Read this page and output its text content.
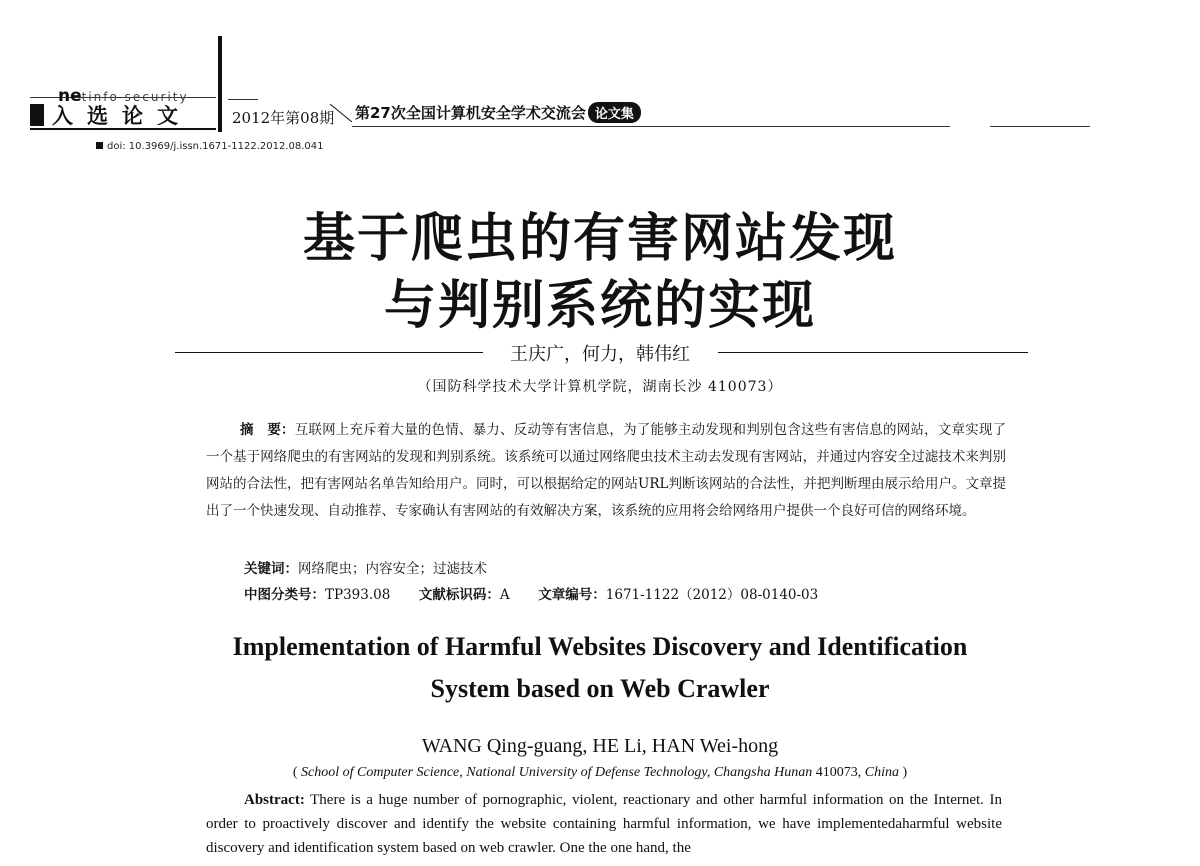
netinfo security
入选论文	2012年第08期 第27次全国计算机安全学术交流会 论文集
doi: 10.3969/j.issn.1671-1122.2012.08.041
基于爬虫的有害网站发现
与判别系统的实现
王庆广，何力，韩伟红
（国防科学技术大学计算机学院，湖南长沙 410073）

摘　要：互联网上充斥着大量的色情、暴力、反动等有害信息，为了能够主动发现和判别包含这些有害信息的网站，文章实现了一个基于网络爬虫的有害网站的发现和判别系统。该系统可以通过网络爬虫技术主动去发现有害网站，并通过内容安全过滤技术来判别网站的合法性，把有害网站名单告知给用户。同时，可以根据给定的网站URL判断该网站的合法性，并把判断理由展示给用户。文章提出了一个快速发现、自动推荐、专家确认有害网站的有效解决方案，该系统的应用将会给网络用户提供一个良好可信的网络环境。

关键词：网络爬虫；内容安全；过滤技术
中图分类号：TP393.08 文献标识码：A 文章编号：1671-1122（2012）08-0140-03
Implementation of Harmful Websites Discovery and Identification
System based on Web Crawler
WANG Qing-guang, HE Li, HAN Wei-hong
( School of Computer Science, National University of Defense Technology, Changsha Hunan 410073, China )

Abstract: There is a huge number of pornographic, violent, reactionary and other harmful information on the Internet. In order to proactively discover and identify the website containing harmful information, we have implementedaharmful website discovery and identification system based on web crawler. One the one hand, the
